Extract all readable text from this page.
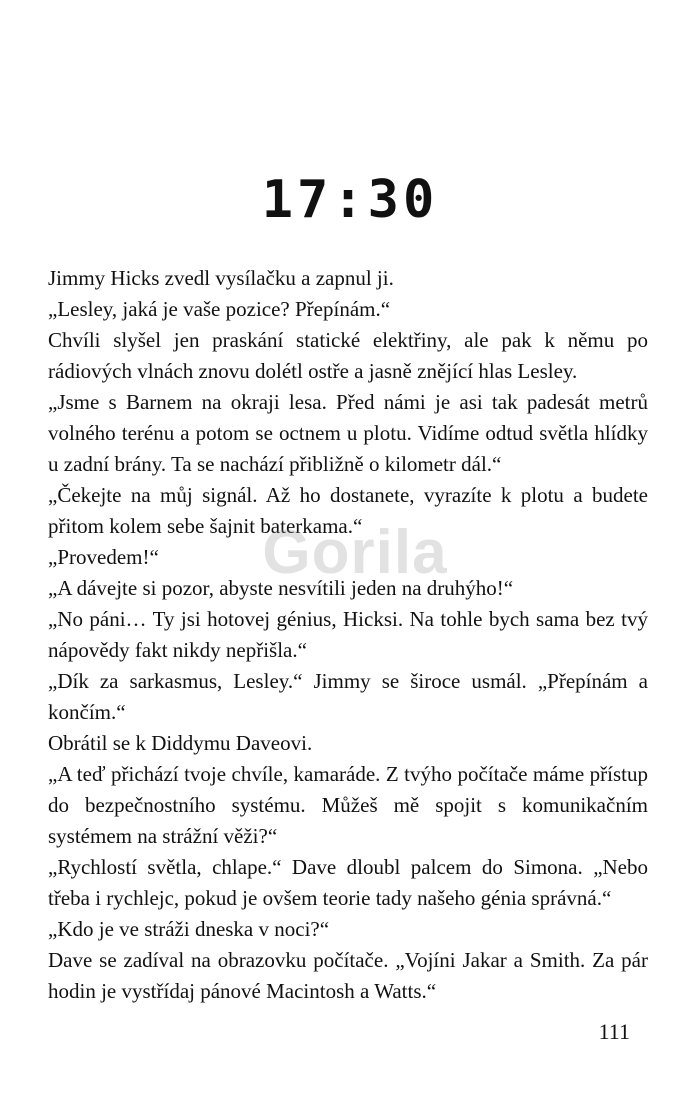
17:30

Jimmy Hicks zvedl vysílačku a zapnul ji.

„Lesley, jaká je vaše pozice? Přepínám.“

Chvíli slyšel jen praskání statické elektřiny, ale pak k němu po rádiových vlnách znovu dolétl ostře a jasně znějící hlas Lesley.

„Jsme s Barnem na okraji lesa. Před námi je asi tak padesát metrů volného terénu a potom se octnem u plotu. Vidíme odtud světla hlídky u zadní brány. Ta se nachází přibližně o kilometr dál.“

„Čekejte na můj signál. Až ho dostanete, vyrazíte k plotu a budete přitom kolem sebe šajnit baterkama.“

„Provedem!“

„A dávejte si pozor, abyste nesvítili jeden na druhýho!“

„No páni… Ty jsi hotovej génius, Hicksi. Na tohle bych sama bez tvý nápovědy fakt nikdy nepřišla.“

„Dík za sarkasmus, Lesley.“ Jimmy se široce usmál. „Přepínám a končím.“

Obrátil se k Diddymu Daveovi.

„A teď přichází tvoje chvíle, kamaráde. Z tvýho počítače máme přístup do bezpečnostního systému. Můžeš mě spojit s komunikačním systémem na strážní věži?“

„Rychlostí světla, chlape.“ Dave dloubl palcem do Simona. „Nebo třeba i rychlejc, pokud je ovšem teorie tady našeho génia správná.“

„Kdo je ve stráži dneska v noci?“

Dave se zadíval na obrazovku počítače. „Vojíni Jakar a Smith. Za pár hodin je vystřídaj pánové Macintosh a Watts.“

Gorila
111
